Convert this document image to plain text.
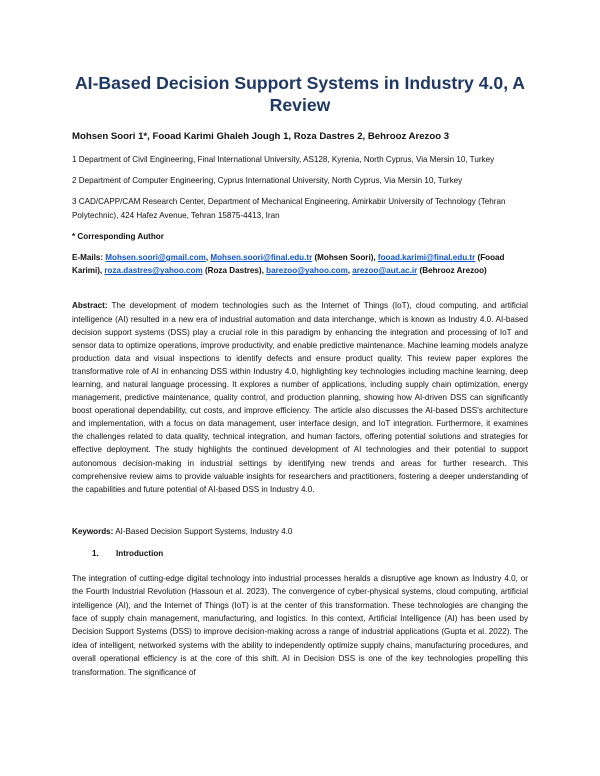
AI-Based Decision Support Systems in Industry 4.0, A Review

Mohsen Soori 1*, Fooad Karimi Ghaleh Jough 1, Roza Dastres 2, Behrooz Arezoo 3

1 Department of Civil Engineering, Final International University, AS128, Kyrenia, North Cyprus, Via Mersin 10, Turkey

2 Department of Computer Engineering, Cyprus International University, North Cyprus, Via Mersin 10, Turkey

3 CAD/CAPP/CAM Research Center, Department of Mechanical Engineering, Amirkabir University of Technology (Tehran Polytechnic), 424 Hafez Avenue, Tehran 15875-4413, Iran

* Corresponding Author

E-Mails: Mohsen.soori@gmail.com, Mohsen.soori@final.edu.tr (Mohsen Soori), fooad.karimi@final.edu.tr (Fooad Karimi), roza.dastres@yahoo.com (Roza Dastres), barezoo@yahoo.com, arezoo@aut.ac.ir (Behrooz Arezoo)

Abstract: The development of modern technologies such as the Internet of Things (IoT), cloud computing, and artificial intelligence (AI) resulted in a new era of industrial automation and data interchange, which is known as Industry 4.0. AI-based decision support systems (DSS) play a crucial role in this paradigm by enhancing the integration and processing of IoT and sensor data to optimize operations, improve productivity, and enable predictive maintenance. Machine learning models analyze production data and visual inspections to identify defects and ensure product quality. This review paper explores the transformative role of AI in enhancing DSS within Industry 4.0, highlighting key technologies including machine learning, deep learning, and natural language processing. It explores a number of applications, including supply chain optimization, energy management, predictive maintenance, quality control, and production planning, showing how AI-driven DSS can significantly boost operational dependability, cut costs, and improve efficiency. The article also discusses the AI-based DSS's architecture and implementation, with a focus on data management, user interface design, and IoT integration. Furthermore, it examines the challenges related to data quality, technical integration, and human factors, offering potential solutions and strategies for effective deployment. The study highlights the continued development of AI technologies and their potential to support autonomous decision-making in industrial settings by identifying new trends and areas for further research. This comprehensive review aims to provide valuable insights for researchers and practitioners, fostering a deeper understanding of the capabilities and future potential of AI-based DSS in Industry 4.0.

Keywords: AI-Based Decision Support Systems, Industry 4.0

1. Introduction

The integration of cutting-edge digital technology into industrial processes heralds a disruptive age known as Industry 4.0, or the Fourth Industrial Revolution (Hassoun et al. 2023). The convergence of cyber-physical systems, cloud computing, artificial intelligence (AI), and the Internet of Things (IoT) is at the center of this transformation. These technologies are changing the face of supply chain management, manufacturing, and logistics. In this context, Artificial Intelligence (AI) has been used by Decision Support Systems (DSS) to improve decision-making across a range of industrial applications (Gupta et al. 2022). The idea of intelligent, networked systems with the ability to independently optimize supply chains, manufacturing procedures, and overall operational efficiency is at the core of this shift. AI in Decision DSS is one of the key technologies propelling this transformation. The significance of
